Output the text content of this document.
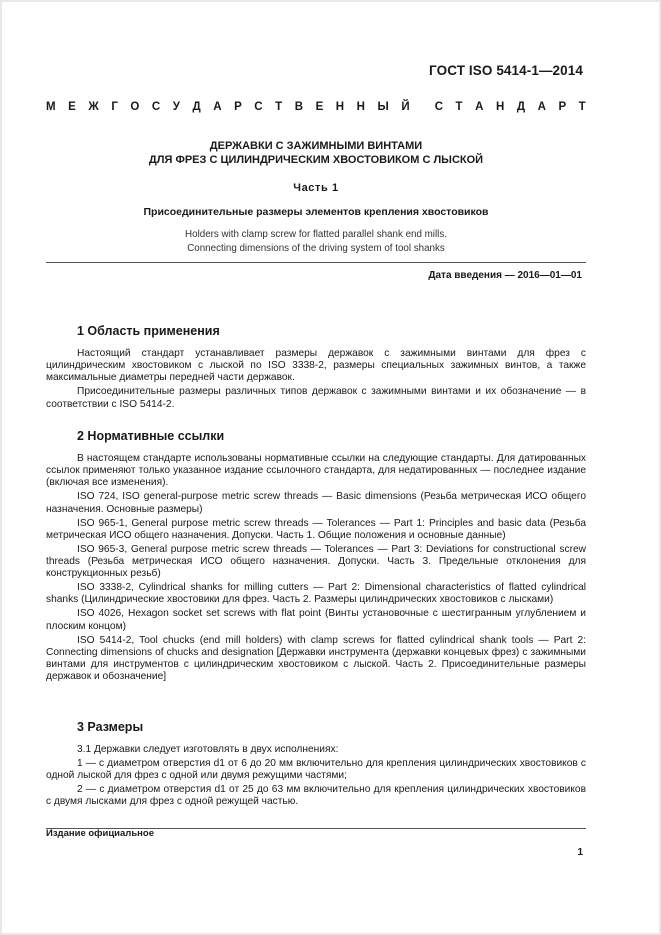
ГОСТ ISO 5414-1—2014
М Е Ж Г О С У Д А Р С Т В Е Н Н Ы Й С Т А Н Д А Р Т
ДЕРЖАВКИ С ЗАЖИМНЫМИ ВИНТАМИ
ДЛЯ ФРЕЗ С ЦИЛИНДРИЧЕСКИМ ХВОСТОВИКОМ С ЛЫСКОЙ
Часть 1
Присоединительные размеры элементов крепления хвостовиков
Holders with clamp screw for flatted parallel shank end mills.
Connecting dimensions of the driving system of tool shanks
Дата введения — 2016—01—01
1 Область применения

Настоящий стандарт устанавливает размеры державок с зажимными винтами для фрез с цилиндрическим хвостовиком с лыской по ISO 3338-2, размеры специальных зажимных винтов, а также максимальные диаметры передней части державок.

Присоединительные размеры различных типов державок с зажимными винтами и их обозначение — в соответствии с ISO 5414-2.

2 Нормативные ссылки

В настоящем стандарте использованы нормативные ссылки на следующие стандарты. Для датированных ссылок применяют только указанное издание ссылочного стандарта, для недатированных — последнее издание (включая все изменения).

ISO 724, ISO general-purpose metric screw threads — Basic dimensions (Резьба метрическая ИСО общего назначения. Основные размеры)

ISO 965-1, General purpose metric screw threads — Tolerances — Part 1: Principles and basic data (Резьба метрическая ИСО общего назначения. Допуски. Часть 1. Общие положения и основные данные)

ISO 965-3, General purpose metric screw threads — Tolerances — Part 3: Deviations for constructional screw threads (Резьба метрическая ИСО общего назначения. Допуски. Часть 3. Предельные отклонения для конструкционных резьб)

ISO 3338-2, Cylindrical shanks for milling cutters — Part 2: Dimensional characteristics of flatted cylindrical shanks (Цилиндрические хвостовики для фрез. Часть 2. Размеры цилиндрических хвостовиков с лысками)

ISO 4026, Hexagon socket set screws with flat point (Винты установочные с шестигранным углублением и плоским концом)

ISO 5414-2, Tool chucks (end mill holders) with clamp screws for flatted cylindrical shank tools — Part 2: Connecting dimensions of chucks and designation [Державки инструмента (державки концевых фрез) с зажимными винтами для инструментов с цилиндрическим хвостовиком с лыской. Часть 2. Присоединительные размеры державок и обозначение]

3 Размеры

3.1 Державки следует изготовлять в двух исполнениях:

1 — с диаметром отверстия d1 от 6 до 20 мм включительно для крепления цилиндрических хвостовиков с одной лыской для фрез с одной или двумя режущими частями;

2 — с диаметром отверстия d1 от 25 до 63 мм включительно для крепления цилиндрических хвостовиков с двумя лысками для фрез с одной режущей частью.

Издание официальное
1
